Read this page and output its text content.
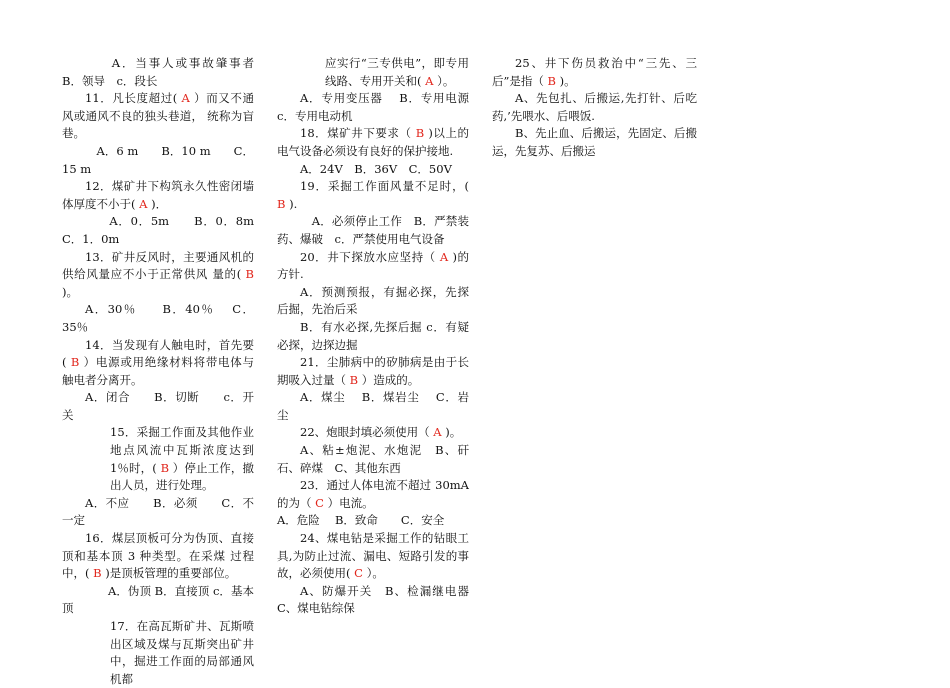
　　A．当事人或事故肇事者 B．领导　c．段长

11．凡长度超过( A ）而又不通风或通风不良的独头巷道， 统称为盲巷。

　A．6 m　　B．10 m　　C．15 m

12．煤矿井下构筑永久性密闭墙体厚度不小于( A )．

　　A．0．5m　　B．0．8m　 C．1．0m

13．矿井反风时，主要通风机的供给风量应不小于正常供风 量的( B )。

A．30％　　B．40％　 C．35％

14．当发现有人触电时，首先要 ( B ）电源或用绝缘材料将带电体与触电者分离开。

A．闭合　　B．切断　　c．开关

15．采掘工作面及其他作业地点风流中瓦斯浓度达到 1％时，( B ）停止工作，撤出人员，进行处理。

A．不应　　B．必须　　C．不一定

16．煤层顶板可分为伪顶、直接顶和基本顶 3 种类型。在采煤 过程中，( B )是顶板管理的重要部位。

　　A．伪顶 B．直接顶 c．基本顶

17．在高瓦斯矿井、瓦斯喷出区域及煤与瓦斯突出矿井中，掘进工作面的局部通风机都

应实行“三专供电”，即专用线路、专用开关和( A ）。

A．专用变压器　 B．专用电源　c．专用电动机

18．煤矿井下要求（ B )以上的电气设备必须设有良好的保护接地.

A．24V　B．36V　C．50V

19．采掘工作面风量不足时，( B ).

　A．必须停止工作　B．严禁装药、爆破　c．严禁使用电气设备

20．井下探放水应坚持（ A )的方针.

A．预测预报，有掘必探，先探后掘，先治后采

B．有水必探,先探后掘 c．有疑必探，边探边掘

21．尘肺病中的矽肺病是由于长期吸入过量（ B ）造成的。

A．煤尘　 B．煤岩尘　 C．岩尘

22、炮眼封填必须使用（ A )。

A、粘±炮泥、水炮泥　B、矸石、碎煤　C、其他东西

23．通过人体电流不超过 30mA 的为（ C ）电流。

A．危险　 B．致命　　C．安全

24、煤电钻是采掘工作的钻眼工具,为防止过流、漏电、短路引发的事故，必须使用( C ）。

A、防爆开关　B、检漏继电器　C、煤电钻综保

25、井下伤员救治中“三先、三后”是指（ B )。

A、先包扎、后搬运,先打针、后吃药,’先喂水、后喂饭.

B、先止血、后搬运，先固定、后搬运，先复苏、后搬运
